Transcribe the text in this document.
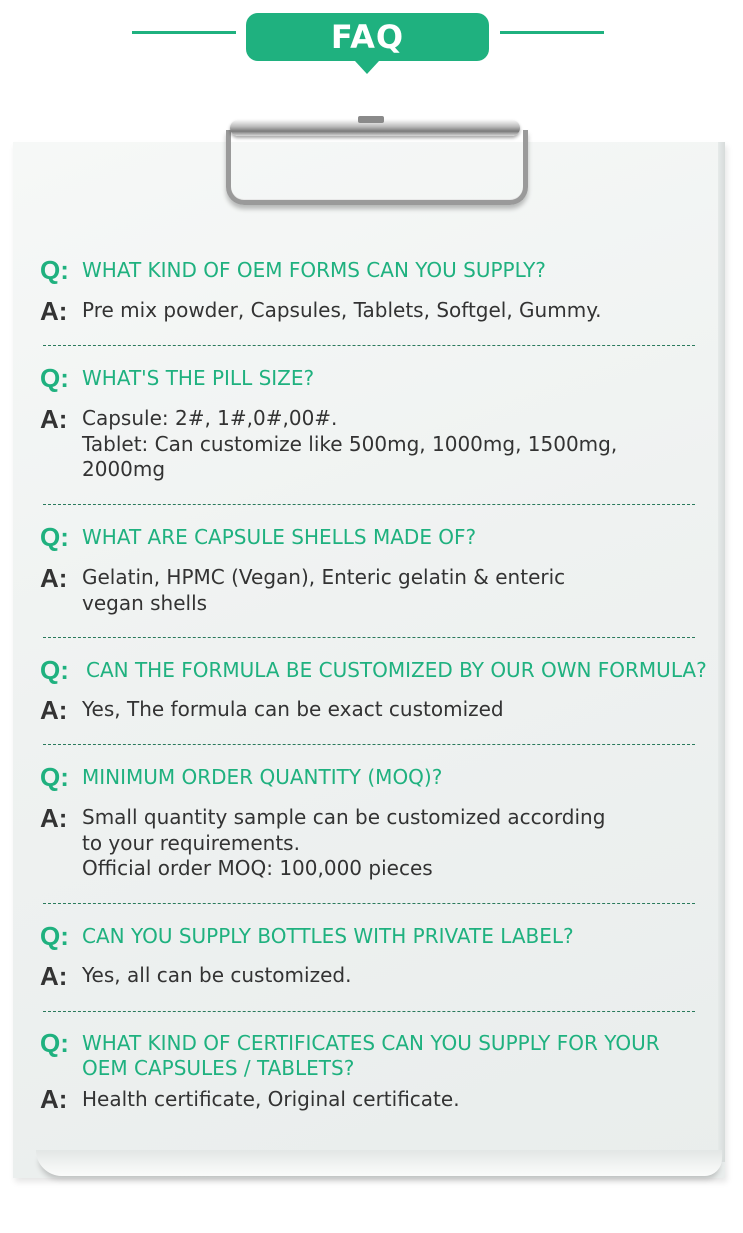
FAQ
Q: WHAT KIND OF OEM FORMS CAN YOU SUPPLY?
A: Pre mix powder, Capsules, Tablets, Softgel, Gummy.
Q: WHAT'S THE PILL SIZE?
A: Capsule: 2#, 1#,0#,00#.
Tablet: Can customize like 500mg, 1000mg, 1500mg,
2000mg
Q: WHAT ARE CAPSULE SHELLS MADE OF?
A: Gelatin, HPMC (Vegan), Enteric gelatin & enteric
vegan shells
Q: CAN THE FORMULA BE CUSTOMIZED BY OUR OWN FORMULA?
A: Yes, The formula can be exact customized
Q: MINIMUM ORDER QUANTITY (MOQ)?
A: Small quantity sample can be customized according
to your requirements.
Official order MOQ: 100,000 pieces
Q: CAN YOU SUPPLY BOTTLES WITH PRIVATE LABEL?
A: Yes, all can be customized.
Q: WHAT KIND OF CERTIFICATES CAN YOU SUPPLY FOR YOUR
OEM CAPSULES / TABLETS?
A: Health certificate, Original certificate.
